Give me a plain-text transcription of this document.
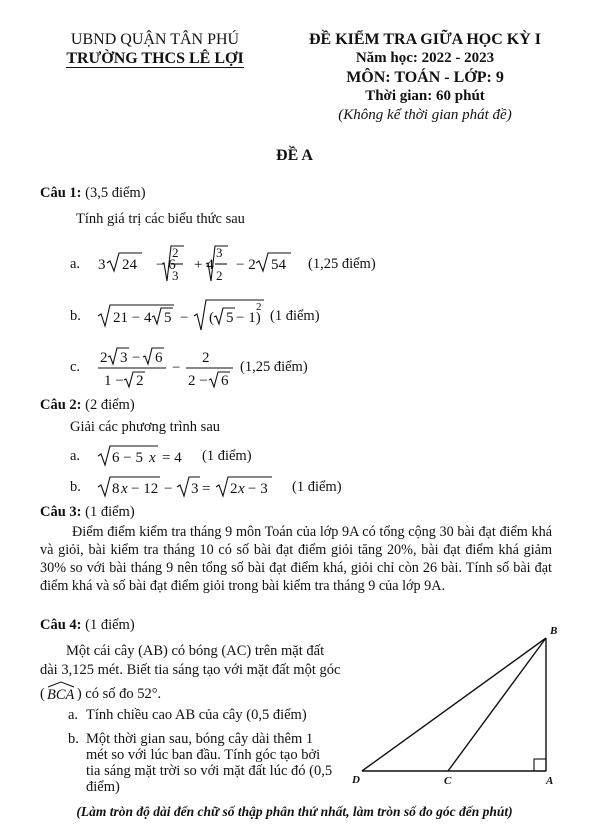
UBND QUẬN TÂN PHÚ
TRƯỜNG THCS LÊ LỢI
ĐỀ KIỂM TRA GIỮA HỌC KỲ I
Năm học: 2022 - 2023
MÔN: TOÁN - LỚP: 9
Thời gian: 60 phút
(Không kể thời gian phát đề)
ĐỀ A
Câu 1: (3,5 điểm)
Tính giá trị các biểu thức sau
a.	3	− 6
2
3
+ 4
3
2
− 2 54
24	(1,25 điểm)
b.	21 − 4 5 − ( 5 − 1)
2
(1 điểm)
c.
2 3 − 6
1 − 2
−
2
2 − 6
(1,25 điểm)
Câu 2: (2 điểm)
Giải các phương trình sau
a.	6 − 5 x = 4 (1 điểm)
b.	8 x − 12 − 3 = 2 x − 3 (1 điểm)
Câu 3: (1 điểm)
Điểm điểm kiểm tra tháng 9 môn Toán của lớp 9A có tổng cộng 30 bài đạt điểm khá và giỏi, bài kiểm tra tháng 10 có số bài đạt điểm giỏi tăng 20%, bài đạt điểm khá giảm 30% so với bài tháng 9 nên tổng số bài đạt điểm khá, giỏi chỉ còn 26 bài. Tính số bài đạt điểm khá và số bài đạt điểm giỏi trong bài kiểm tra tháng 9 của lớp 9A.
Câu 4: (1 điểm)
Một cái cây (AB) có bóng (AC) trên mặt đất
dài 3,125 mét. Biết tia sáng tạo với mặt đất một góc
( BCA ) có số đo 52°.
a. Tính chiều cao AB của cây (0,5 điểm)
b. Một thời gian sau, bóng cây dài thêm 1
mét so với lúc ban đầu. Tính góc tạo bởi
tia sáng mặt trời so với mặt đất lúc đó (0,5
điểm)
B
D	C	A
(Làm tròn độ dài đến chữ số thập phân thứ nhất, làm tròn số đo góc đến phút)
